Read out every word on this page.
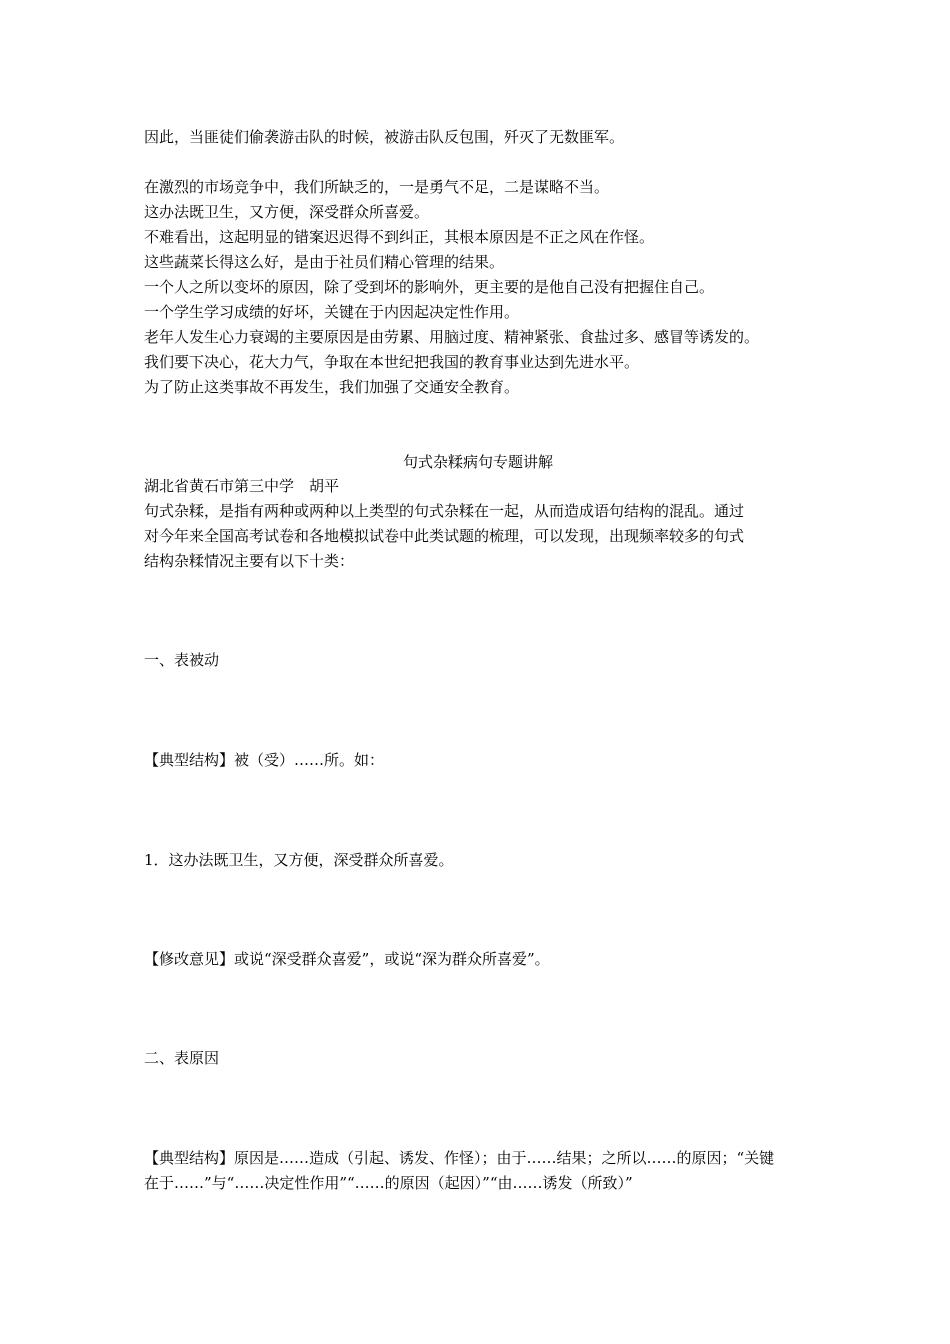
因此，当匪徒们偷袭游击队的时候，被游击队反包围，歼灭了无数匪军。
在激烈的市场竞争中，我们所缺乏的，一是勇气不足，二是谋略不当。
这办法既卫生，又方便，深受群众所喜爱。
不难看出，这起明显的错案迟迟得不到纠正，其根本原因是不正之风在作怪。
这些蔬菜长得这么好，是由于社员们精心管理的结果。
一个人之所以变坏的原因，除了受到坏的影响外，更主要的是他自己没有把握住自己。
一个学生学习成绩的好坏，关键在于内因起决定性作用。
老年人发生心力衰竭的主要原因是由劳累、用脑过度、精神紧张、食盐过多、感冒等诱发的。
我们要下决心，花大力气，争取在本世纪把我国的教育事业达到先进水平。
为了防止这类事故不再发生，我们加强了交通安全教育。
句式杂糅病句专题讲解
湖北省黄石市第三中学　胡平
句式杂糅，是指有两种或两种以上类型的句式杂糅在一起，从而造成语句结构的混乱。通过
对今年来全国高考试卷和各地模拟试卷中此类试题的梳理，可以发现，出现频率较多的句式
结构杂糅情况主要有以下十类：
一、表被动
【典型结构】被（受）……所。如：
1．这办法既卫生，又方便，深受群众所喜爱。
【修改意见】或说“深受群众喜爱”，或说“深为群众所喜爱”。
二、表原因
【典型结构】原因是……造成（引起、诱发、作怪）；由于……结果；之所以……的原因；“关键
在于……”与“……决定性作用”“……的原因（起因）”“由……诱发（所致）”
